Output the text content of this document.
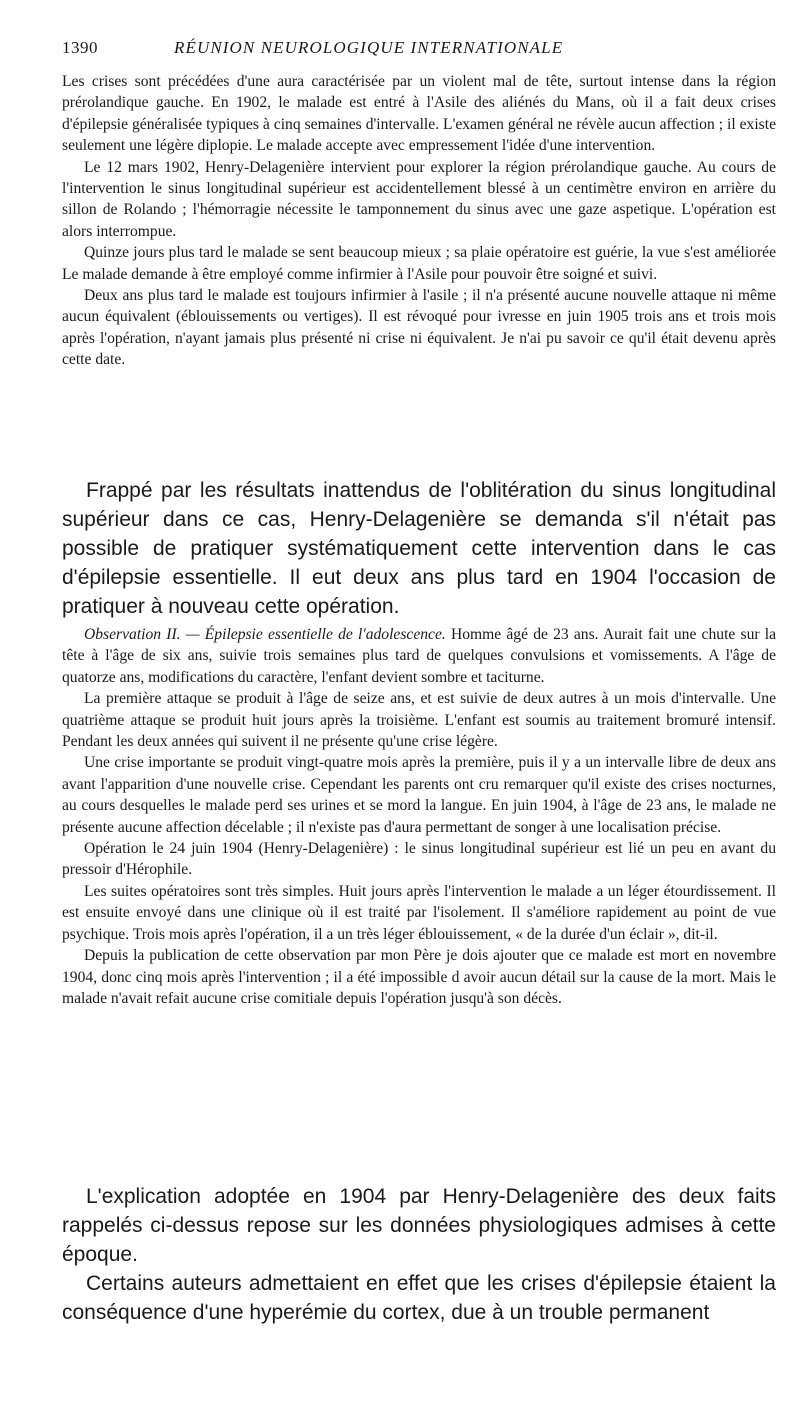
1390	RÉUNION NEUROLOGIQUE INTERNATIONALE

Les crises sont précédées d'une aura caractérisée par un violent mal de tête, surtout intense dans la région prérolandique gauche. En 1902, le malade est entré à l'Asile des aliénés du Mans, où il a fait deux crises d'épilepsie généralisée typiques à cinq semaines d'intervalle. L'examen général ne révèle aucun affection ; il existe seulement une légère diplopie. Le malade accepte avec empressement l'idée d'une intervention.

Le 12 mars 1902, Henry-Delagenière intervient pour explorer la région prérolandique gauche. Au cours de l'intervention le sinus longitudinal supérieur est accidentellement blessé à un centimètre environ en arrière du sillon de Rolando ; l'hémorragie nécessite le tamponnement du sinus avec une gaze aspetique. L'opération est alors interrompue.

Quinze jours plus tard le malade se sent beaucoup mieux ; sa plaie opératoire est guérie, la vue s'est améliorée Le malade demande à être employé comme infirmier à l'Asile pour pouvoir être soigné et suivi.

Deux ans plus tard le malade est toujours infirmier à l'asile ; il n'a présenté aucune nouvelle attaque ni même aucun équivalent (éblouissements ou vertiges). Il est révoqué pour ivresse en juin 1905 trois ans et trois mois après l'opération, n'ayant jamais plus présenté ni crise ni équivalent. Je n'ai pu savoir ce qu'il était devenu après cette date.

Frappé par les résultats inattendus de l'oblitération du sinus longitudinal supérieur dans ce cas, Henry-Delagenière se demanda s'il n'était pas possible de pratiquer systématiquement cette intervention dans le cas d'épilepsie essentielle. Il eut deux ans plus tard en 1904 l'occasion de pratiquer à nouveau cette opération.

Observation II. — Épilepsie essentielle de l'adolescence. Homme âgé de 23 ans. Aurait fait une chute sur la tête à l'âge de six ans, suivie trois semaines plus tard de quelques convulsions et vomissements. A l'âge de quatorze ans, modifications du caractère, l'enfant devient sombre et taciturne.

La première attaque se produit à l'âge de seize ans, et est suivie de deux autres à un mois d'intervalle. Une quatrième attaque se produit huit jours après la troisième. L'enfant est soumis au traitement bromuré intensif. Pendant les deux années qui suivent il ne présente qu'une crise légère.

Une crise importante se produit vingt-quatre mois après la première, puis il y a un intervalle libre de deux ans avant l'apparition d'une nouvelle crise. Cependant les parents ont cru remarquer qu'il existe des crises nocturnes, au cours desquelles le malade perd ses urines et se mord la langue. En juin 1904, à l'âge de 23 ans, le malade ne présente aucune affection décelable ; il n'existe pas d'aura permettant de songer à une localisation précise.

Opération le 24 juin 1904 (Henry-Delagenière) : le sinus longitudinal supérieur est lié un peu en avant du pressoir d'Hérophile.

Les suites opératoires sont très simples. Huit jours après l'intervention le malade a un léger étourdissement. Il est ensuite envoyé dans une clinique où il est traité par l'isolement. Il s'améliore rapidement au point de vue psychique. Trois mois après l'opération, il a un très léger éblouissement, « de la durée d'un éclair », dit-il.

Depuis la publication de cette observation par mon Père je dois ajouter que ce malade est mort en novembre 1904, donc cinq mois après l'intervention ; il a été impossible d avoir aucun détail sur la cause de la mort. Mais le malade n'avait refait aucune crise comitiale depuis l'opération jusqu'à son décès.

L'explication adoptée en 1904 par Henry-Delagenière des deux faits rappelés ci-dessus repose sur les données physiologiques admises à cette époque.

Certains auteurs admettaient en effet que les crises d'épilepsie étaient la conséquence d'une hyperémie du cortex, due à un trouble permanent
